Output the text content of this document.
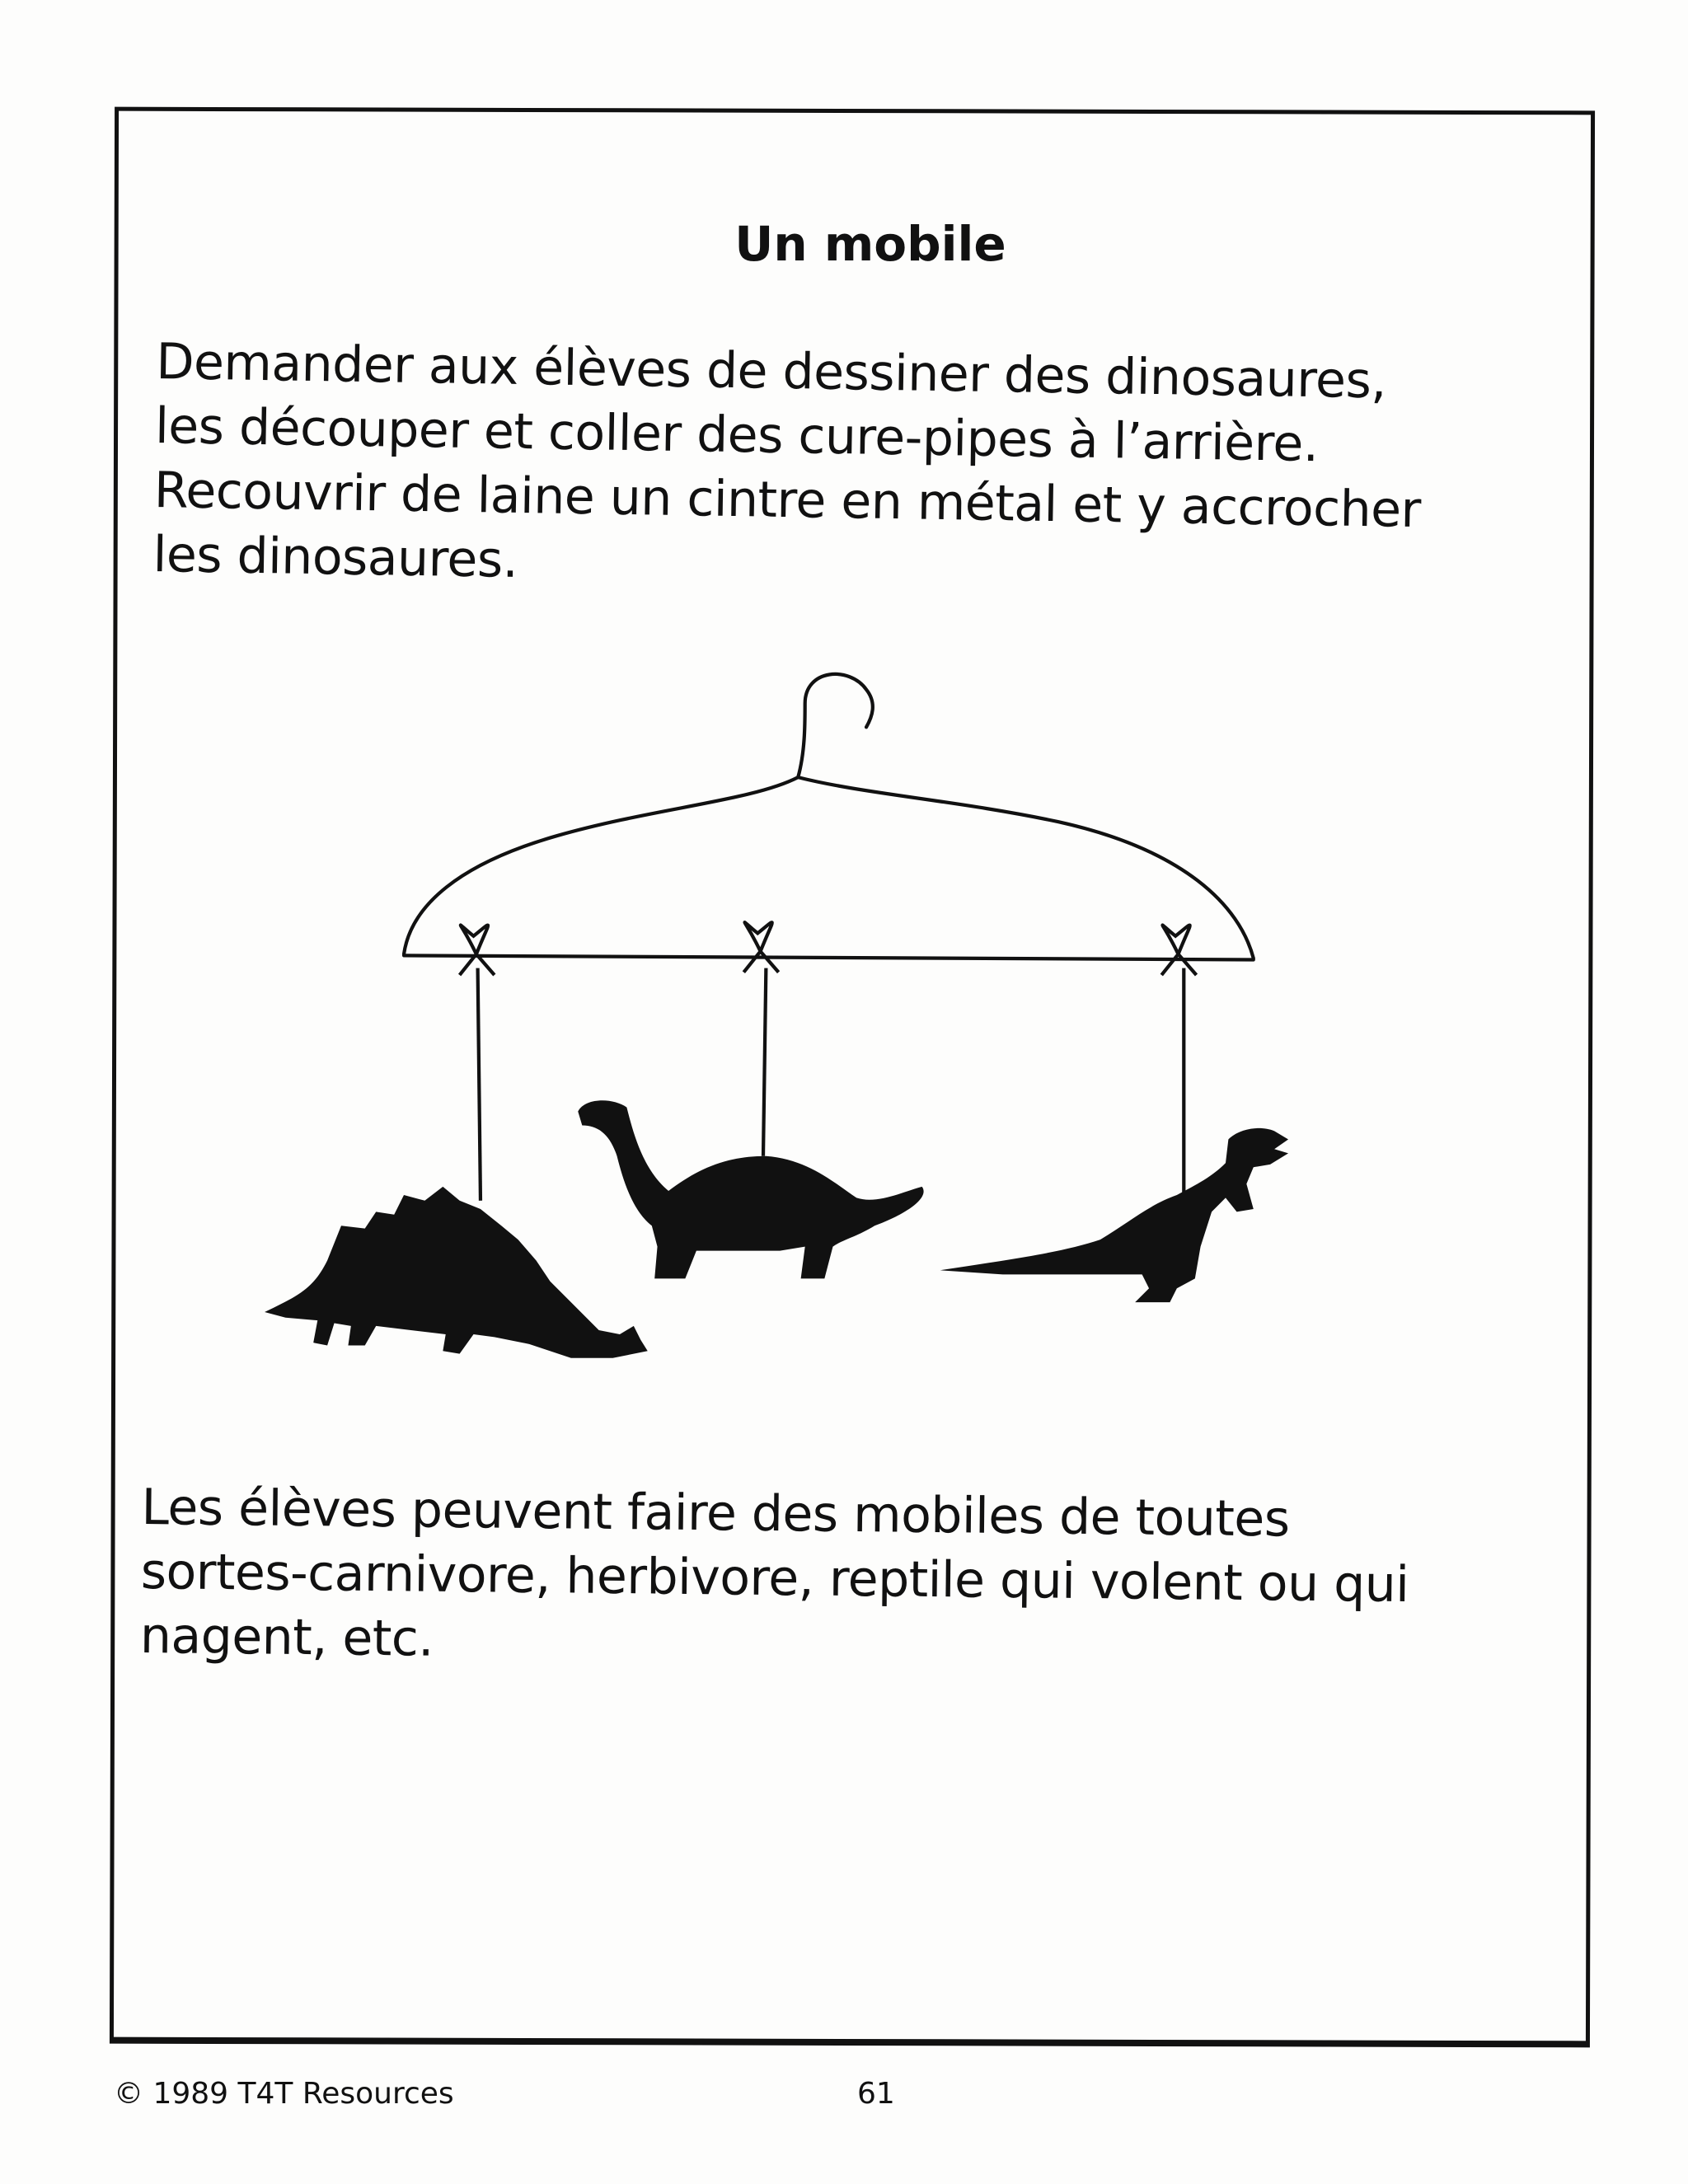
Un mobile
Demander aux élèves de dessiner des dinosaures,
les découper et coller des cure-pipes à l’arrière.
Recouvrir de laine un cintre en métal et y accrocher
les dinosaures.
Les élèves peuvent faire des mobiles de toutes
sortes-carnivore, herbivore, reptile qui volent ou qui
nagent, etc.
© 1989 T4T Resources	61
